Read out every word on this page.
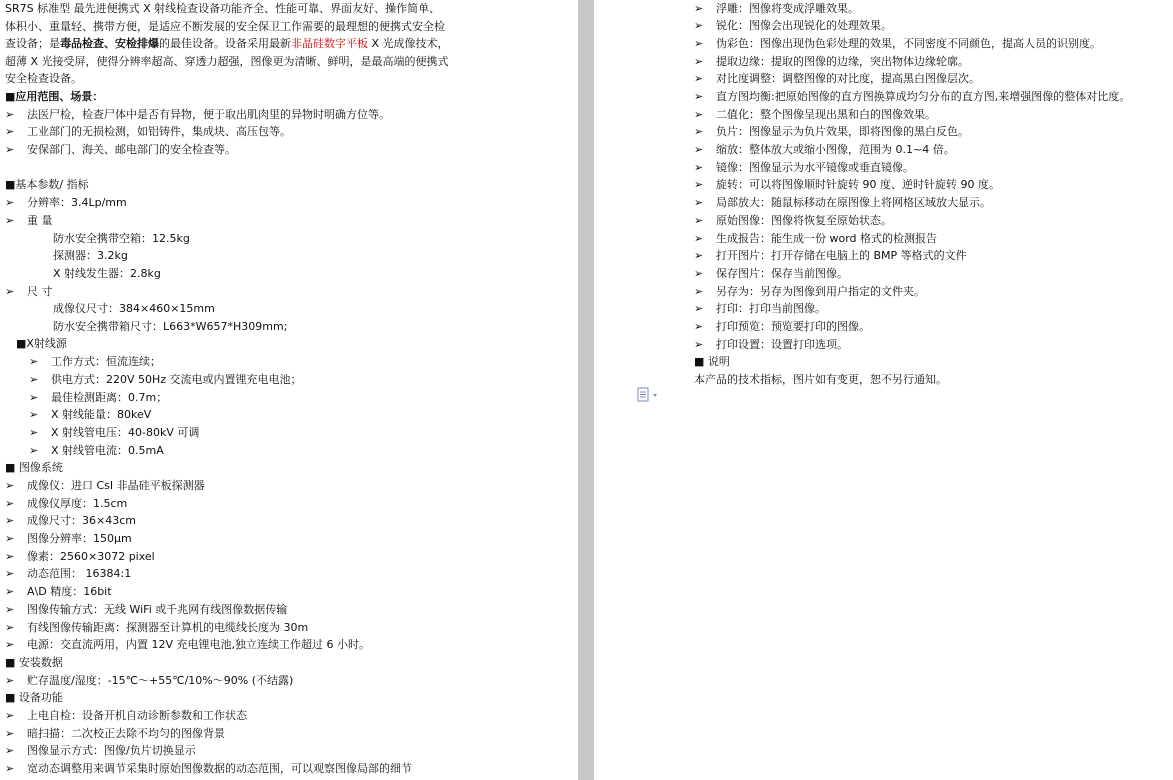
SR7S 标准型 最先进便携式 X 射线检查设备功能齐全、性能可靠、界面友好、操作简单、
体积小、重量轻、携带方便，是适应不断发展的安全保卫工作需要的最理想的便携式安全检
查设备；是毒品检查、安检排爆的最佳设备。设备采用最新非晶硅数字平板 X 光成像技术，
超薄 X 光接受屏，使得分辨率超高、穿透力超强，图像更为清晰、鲜明，是最高端的便携式
安全检查设备。
■应用范围、场景：
➢ 法医尸检，检查尸体中是否有异物，便于取出肌肉里的异物时明确方位等。
➢ 工业部门的无损检测，如铝铸件，集成块、高压包等。
➢ 安保部门、海关、邮电部门的安全检查等。
■基本参数/ 指标
➢ 分辨率：3.4Lp/mm
➢ 重 量
防水安全携带空箱：12.5kg
探测器：3.2kg
X 射线发生器：2.8kg
➢ 尺 寸
成像仪尺寸：384×460×15mm
防水安全携带箱尺寸：L663*W657*H309mm;
■X射线源
➢ 工作方式：恒流连续；
➢ 供电方式：220V 50Hz 交流电或内置锂充电电池；
➢ 最佳检测距离：0.7m；
➢ X 射线能量：80keV
➢ X 射线管电压：40-80kV 可调
➢ X 射线管电流：0.5mA
■ 图像系统
➢ 成像仪：进口 CsI 非晶硅平板探测器
➢ 成像仪厚度：1.5cm
➢ 成像尺寸：36×43cm
➢ 图像分辨率：150μm
➢ 像素：2560×3072 pixel
➢ 动态范围： 16384:1
➢ A\D 精度：16bit
➢ 图像传输方式：无线 WiFi 或千兆网有线图像数据传输
➢ 有线图像传输距离：探测器至计算机的电缆线长度为 30m
➢ 电源：交直流两用，内置 12V 充电锂电池,独立连续工作超过 6 小时。
■ 安装数据
➢ 贮存温度/湿度：-15℃～+55℃/10%～90% (不结露)
■ 设备功能
➢ 上电自检：设备开机自动诊断参数和工作状态
➢ 暗扫描：二次校正去除不均匀的图像背景
➢ 图像显示方式：图像/负片切换显示
➢ 宽动态调整用来调节采集时原始图像数据的动态范围，可以观察图像局部的细节
➢ 浮雕：图像将变成浮雕效果。
➢ 锐化：图像会出现锐化的处理效果。
➢ 伪彩色：图像出现伪色彩处理的效果，不同密度不同颜色，提高人员的识别度。
➢ 提取边缘：提取的图像的边缘，突出物体边缘轮廓。
➢ 对比度调整：调整图像的对比度，提高黑白图像层次。
➢ 直方图均衡:把原始图像的直方图换算成均匀分布的直方图,来增强图像的整体对比度。
➢ 二值化：整个图像呈现出黑和白的图像效果。
➢ 负片：图像显示为负片效果，即将图像的黑白反色。
➢ 缩放：整体放大或缩小图像，范围为 0.1~4 倍。
➢ 镜像：图像显示为水平镜像或垂直镜像。
➢ 旋转：可以将图像顺时针旋转 90 度、逆时针旋转 90 度。
➢ 局部放大：随鼠标移动在原图像上将网格区域放大显示。
➢ 原始图像：图像将恢复至原始状态。
➢ 生成报告：能生成一份 word 格式的检测报告
➢ 打开图片：打开存储在电脑上的 BMP 等格式的文件
➢ 保存图片：保存当前图像。
➢ 另存为：另存为图像到用户指定的文件夹。
➢ 打印：打印当前图像。
➢ 打印预览：预览要打印的图像。
➢ 打印设置：设置打印选项。
■ 说明
本产品的技术指标，图片如有变更，恕不另行通知。
